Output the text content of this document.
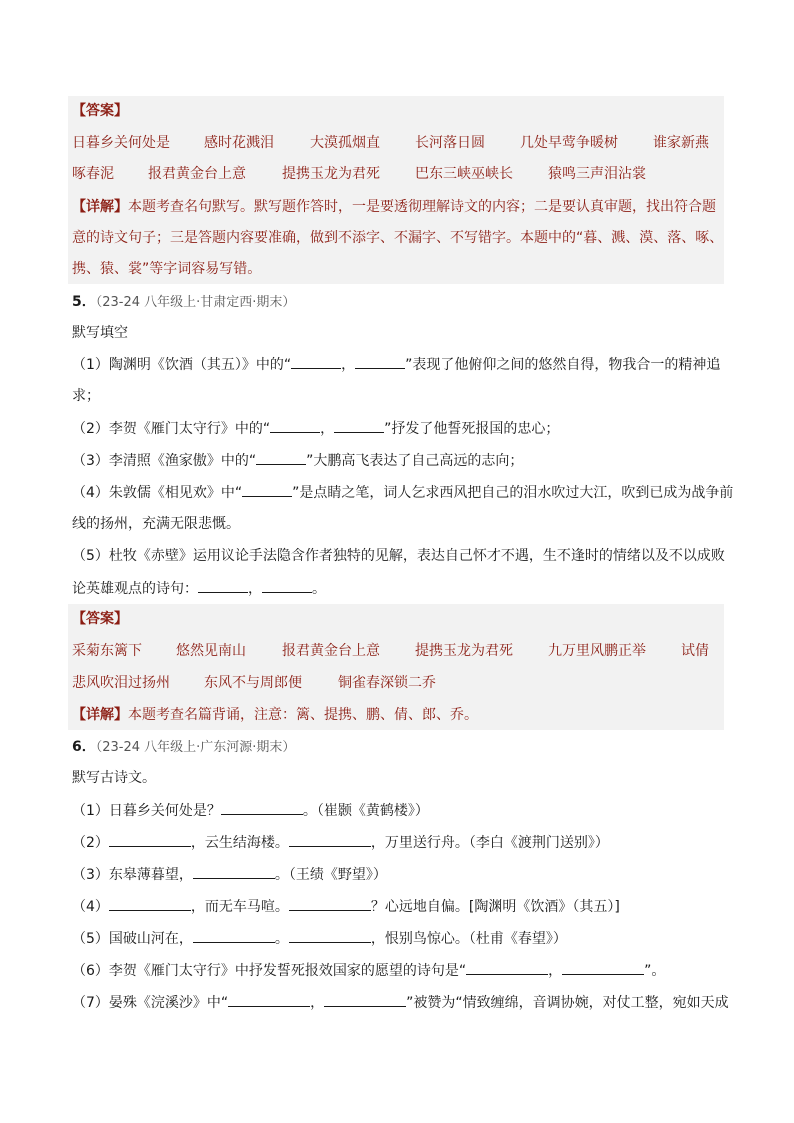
【答案】
日暮乡关何处是 感时花溅泪	大漠孤烟直	长河落日圆	几处早莺争暖树	谁家新燕
啄春泥 报君黄金台上意	提携玉龙为君死	巴东三峡巫峡长	猿鸣三声泪沾裳
【详解】本题考查名句默写。默写题作答时，一是要透彻理解诗文的内容；二是要认真审题，找出符合题
意的诗文句子；三是答题内容要准确，做到不添字、不漏字、不写错字。本题中的“暮、溅、漠、落、啄、
携、猿、裳”等字词容易写错。
5．（23-24 八年级上·甘肃定西·期末）
默写填空
（1）陶渊明《饮酒（其五）》中的“	，	”表现了他俯仰之间的悠然自得，物我合一的精神追
求；
（2）李贺《雁门太守行》中的“	，	”抒发了他誓死报国的忠心；
（3）李清照《渔家傲》中的“	”大鹏高飞表达了自己高远的志向；
（4）朱敦儒《相见欢》中“	”是点睛之笔，词人乞求西风把自己的泪水吹过大江，吹到已成为战争前
线的扬州，充满无限悲慨。
（5）杜牧《赤壁》运用议论手法隐含作者独特的见解，表达自己怀才不遇，生不逢时的情绪以及不以成败
论英雄观点的诗句：	，	。
【答案】
采菊东篱下 悠然见南山	报君黄金台上意	提携玉龙为君死	九万里风鹏正举	试倩
悲风吹泪过扬州 东风不与周郎便	铜雀春深锁二乔
【详解】本题考查名篇背诵，注意：篱、提携、鹏、倩、郎、乔。
6．（23-24 八年级上·广东河源·期末）
默写古诗文。
（1）日暮乡关何处是？	。（崔颢《黄鹤楼》）
（2）	，云生结海楼。	，万里送行舟。（李白《渡荆门送别》）
（3）东皋薄暮望，	。（王绩《野望》）
（4）	，而无车马喧。	？心远地自偏。[陶渊明《饮酒》（其五）]
（5）国破山河在，	。	，恨别鸟惊心。（杜甫《春望》）
（6）李贺《雁门太守行》中抒发誓死报效国家的愿望的诗句是“	，	”。
（7）晏殊《浣溪沙》中“	，	”被赞为“情致缠绵，音调协婉，对仗工整，宛如天成
